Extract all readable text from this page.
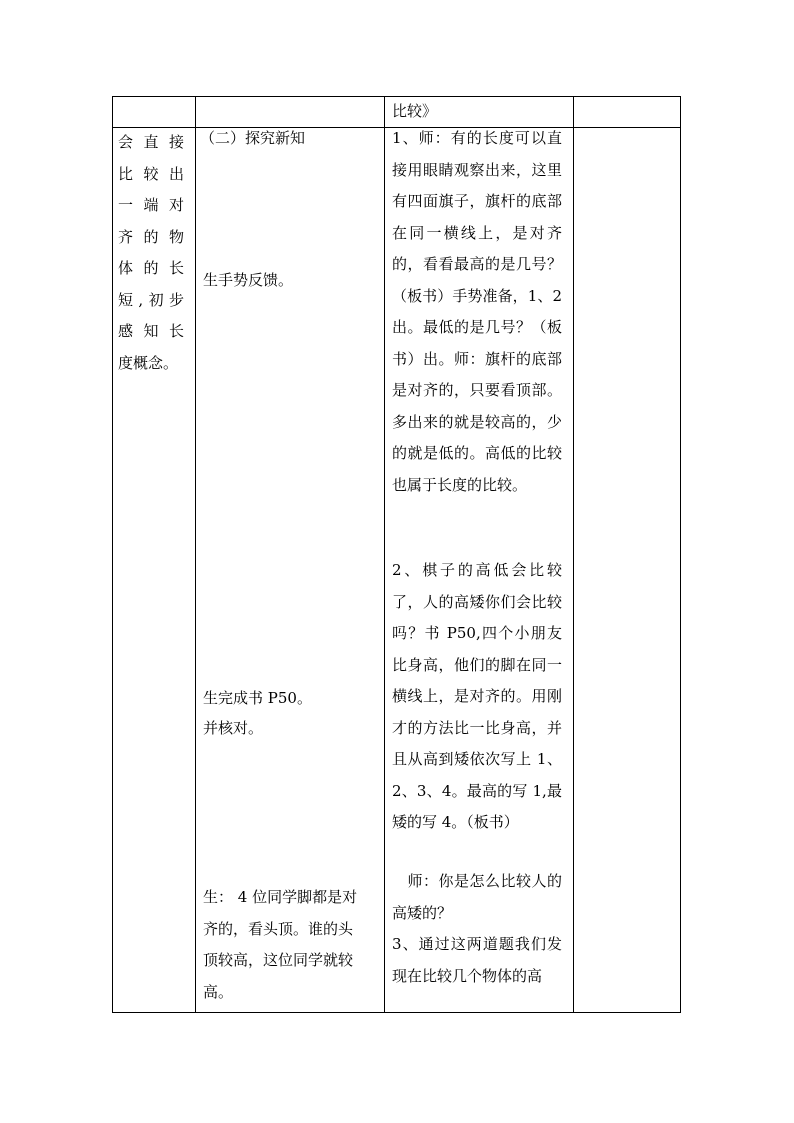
比较》
会直接
比较出
一端对
齐的物
体的长
短,初步
感知长
度概念。
（二）探究新知
生手势反馈。
生完成书 P50。
并核对。
生： 4 位同学脚都是对
齐的，看头顶。谁的头
顶较高，这位同学就较
高。

1、师：有的长度可以直接用眼睛观察出来，这里有四面旗子，旗杆的底部在同一横线上，是对齐的，看看最高的是几号？（板书）手势准备，1、2 出。最低的是几号？（板书）出。师：旗杆的底部是对齐的，只要看顶部。多出来的就是较高的，少的就是低的。高低的比较也属于长度的比较。

2、棋子的高低会比较了，人的高矮你们会比较吗？书 P50,四个小朋友比身高，他们的脚在同一横线上，是对齐的。用刚才的方法比一比身高，并且从高到矮依次写上 1、2、3、4。最高的写 1,最矮的写 4。（板书）

　师：你是怎么比较人的高矮的？

3、通过这两道题我们发现在比较几个物体的高
